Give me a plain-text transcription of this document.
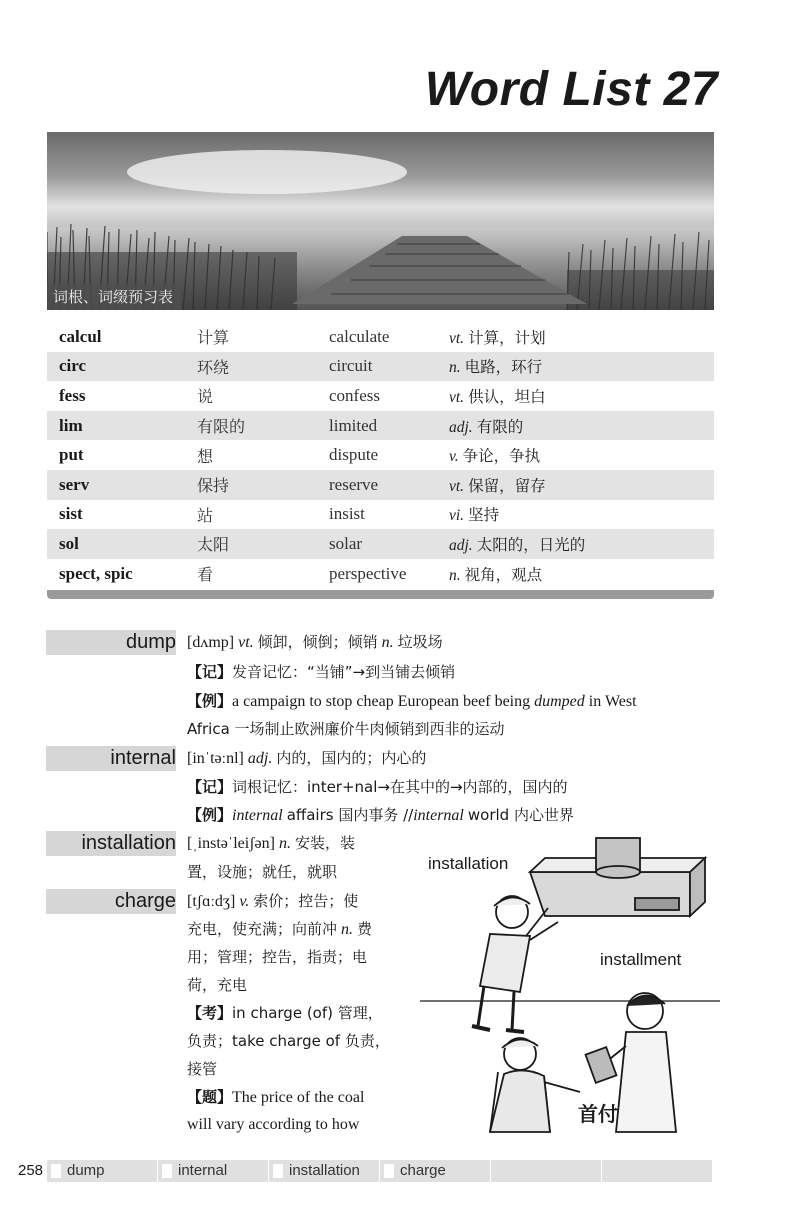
Word List 27
词根、词缀预习表
calcul	计算	calculate	vt. 计算，计划
circ	环绕	circuit	n. 电路，环行
fess	说	confess	vt. 供认，坦白
lim	有限的	limited	adj. 有限的
put	想	dispute	v. 争论，争执
serv	保持	reserve	vt. 保留，留存
sist	站	insist	vi. 坚持
sol	太阳	solar	adj. 太阳的，日光的
spect, spic	看	perspective	n. 视角，观点
dump [dʌmp] vt. 倾卸，倾倒；倾销 n. 垃圾场
【记】发音记忆：“当铺”→到当铺去倾销
【例】a campaign to stop cheap European beef being dumped in West
Africa 一场制止欧洲廉价牛肉倾销到西非的运动
internal [inˈtəːnl] adj. 内的，国内的；内心的
【记】词根记忆：inter+nal→在其中的→内部的，国内的
【例】internal affairs 国内事务 //internal world 内心世界
installation [ˌinstəˈleiʃən] n. 安装，装
置，设施；就任，就职
charge [tʃɑːdʒ] v. 索价；控告；使
充电，使充满；向前冲 n. 费
用；管理；控告，指责；电
荷，充电
【考】in charge (of) 管理，
负责；take charge of 负责，
接管
【题】The price of the coal
will vary according to how
installation
installment
首付
258 dump	internal	installation	charge
